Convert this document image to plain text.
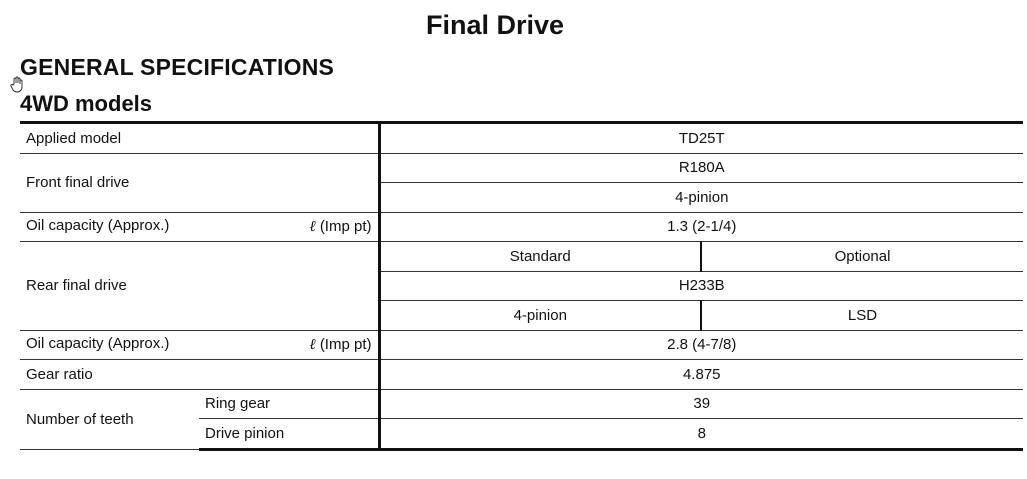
Final Drive
GENERAL SPECIFICATIONS
4WD models
Applied model		TD25T	
Front final drive		R180A	
		4-pinion	
Oil capacity (Approx.) ℓ (Imp pt)		1.3 (2-1/4)	
Rear final drive		Standard	Optional
		H233B	
		4-pinion	LSD
Oil capacity (Approx.) ℓ (Imp pt)		2.8 (4-7/8)	
Gear ratio		4.875	
Number of teeth	Ring gear	39	
	Drive pinion	8	
